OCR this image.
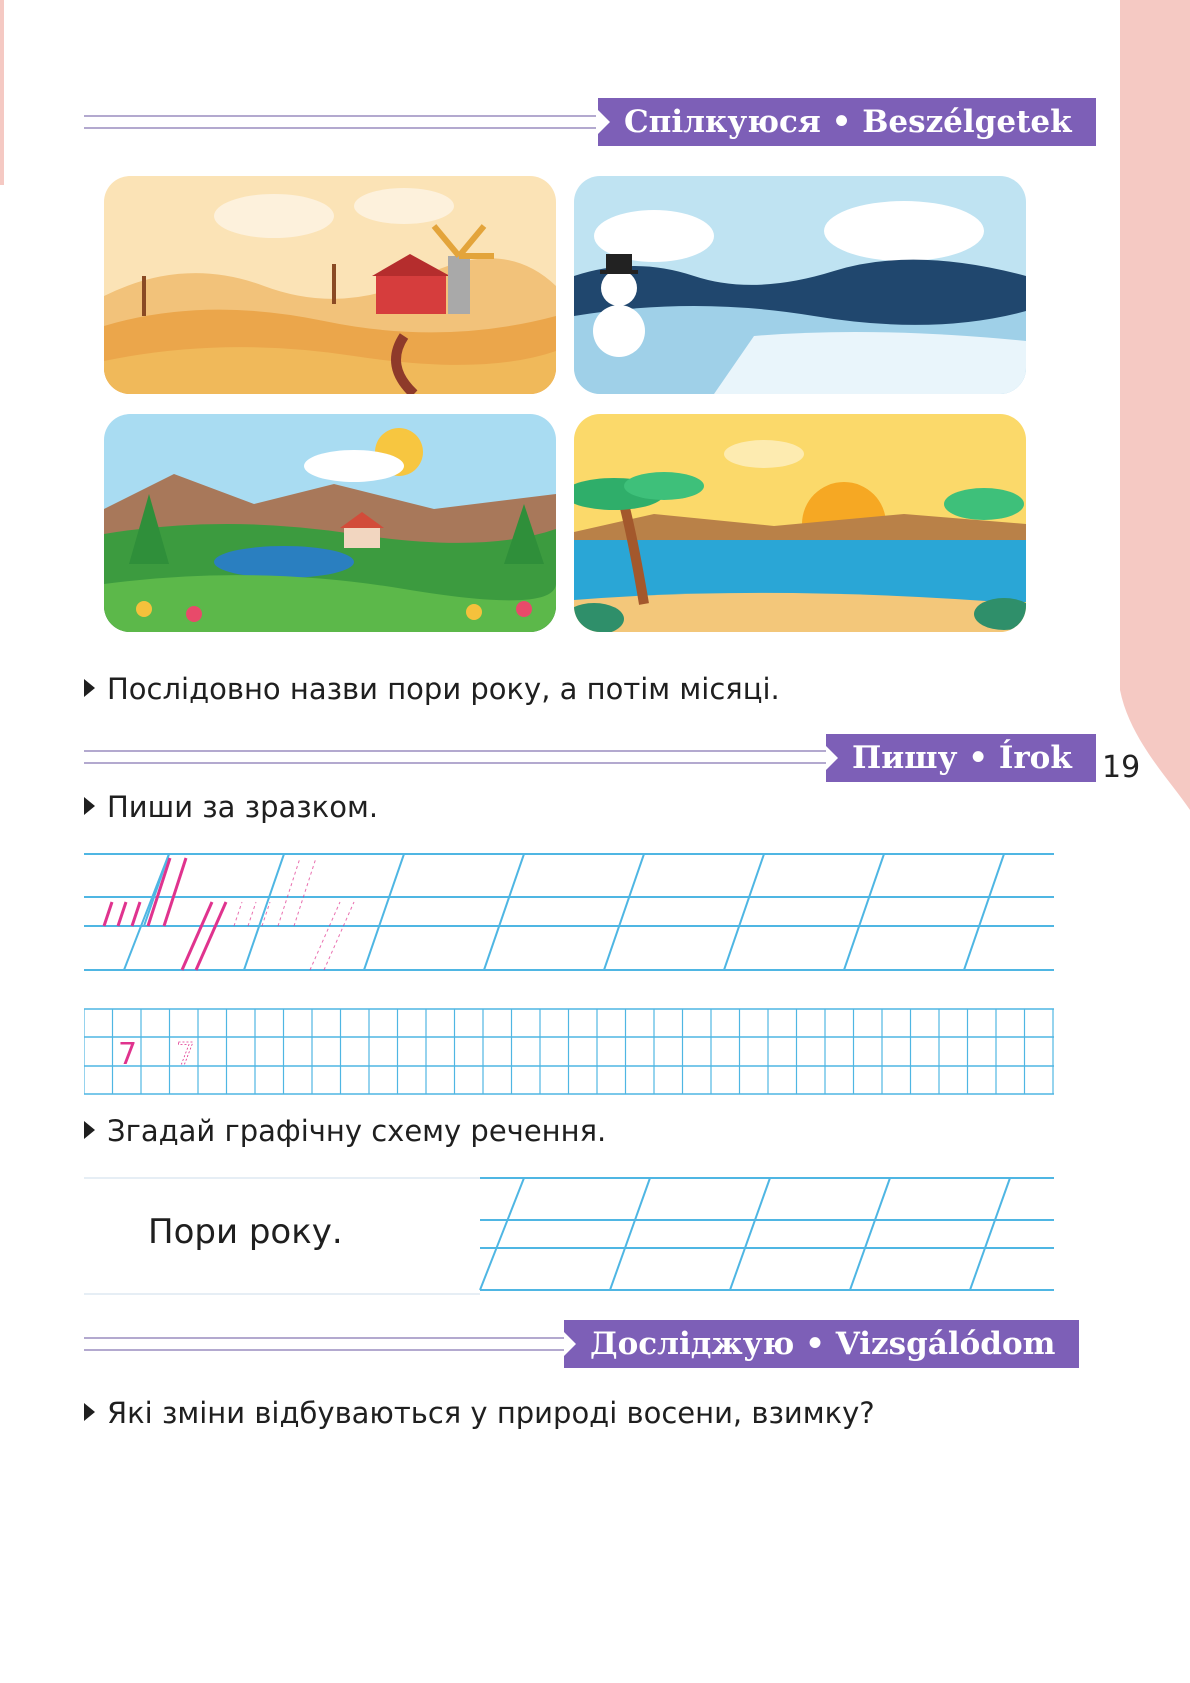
19
Спілкуюся • Beszélgetek
Послідовно назви пори року, а потім місяці.
Пишу • Írok
Пиши за зразком.
7 7
Згадай графічну схему речення.
Пори року.
Досліджую • Vizsgálódom
Які зміни відбуваються у природі восени, взимку?
